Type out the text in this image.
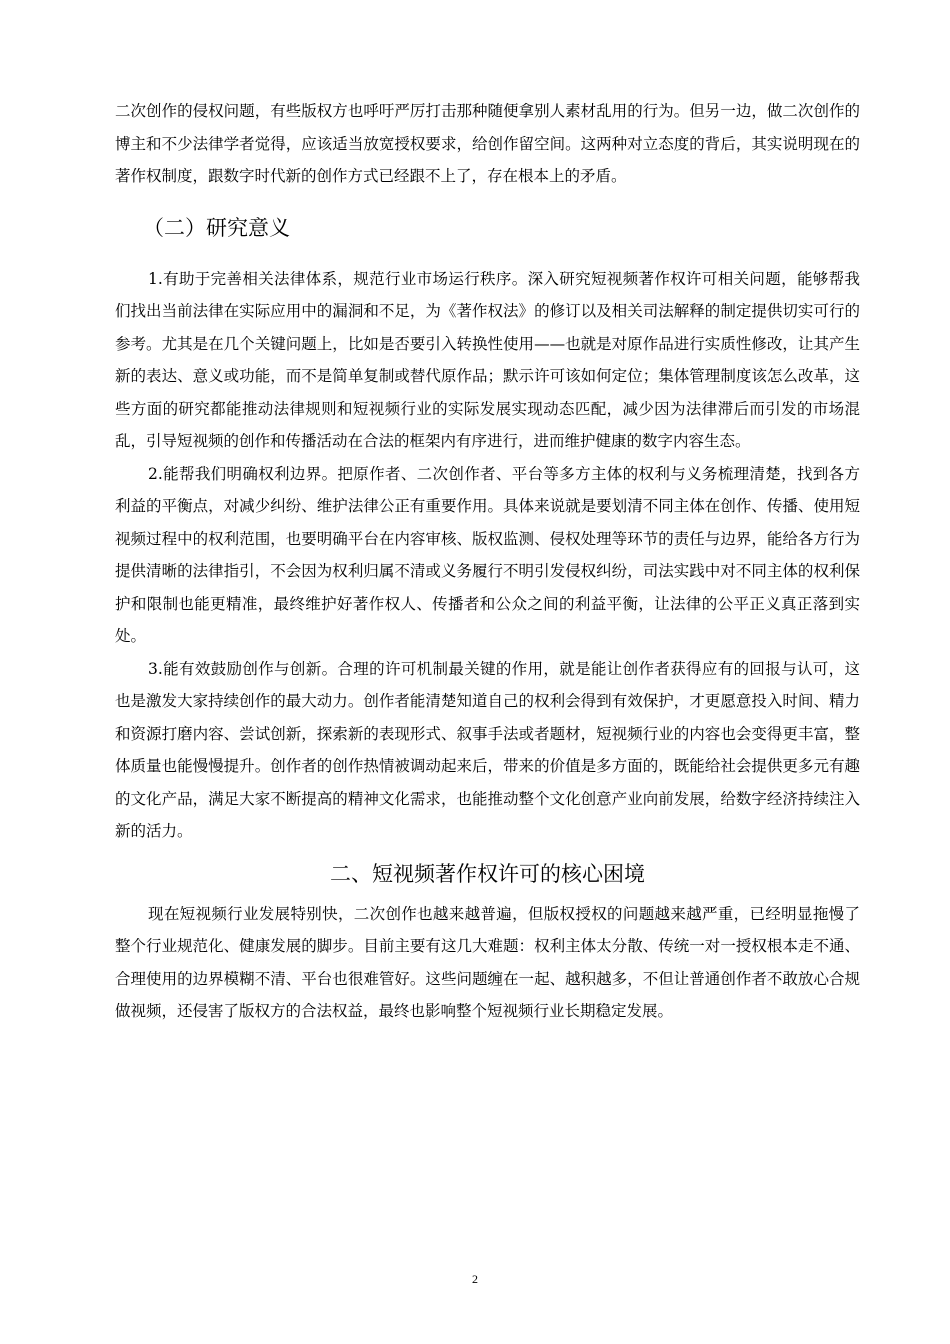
二次创作的侵权问题，有些版权方也呼吁严厉打击那种随便拿别人素材乱用的行为。但另一边，做二次创作的博主和不少法律学者觉得，应该适当放宽授权要求，给创作留空间。这两种对立态度的背后，其实说明现在的著作权制度，跟数字时代新的创作方式已经跟不上了，存在根本上的矛盾。

（二）研究意义

1.有助于完善相关法律体系，规范行业市场运行秩序。深入研究短视频著作权许可相关问题，能够帮我们找出当前法律在实际应用中的漏洞和不足，为《著作权法》的修订以及相关司法解释的制定提供切实可行的参考。尤其是在几个关键问题上，比如是否要引入转换性使用——也就是对原作品进行实质性修改，让其产生新的表达、意义或功能，而不是简单复制或替代原作品；默示许可该如何定位；集体管理制度该怎么改革，这些方面的研究都能推动法律规则和短视频行业的实际发展实现动态匹配，减少因为法律滞后而引发的市场混乱，引导短视频的创作和传播活动在合法的框架内有序进行，进而维护健康的数字内容生态。

2.能帮我们明确权利边界。把原作者、二次创作者、平台等多方主体的权利与义务梳理清楚，找到各方利益的平衡点，对减少纠纷、维护法律公正有重要作用。具体来说就是要划清不同主体在创作、传播、使用短视频过程中的权利范围，也要明确平台在内容审核、版权监测、侵权处理等环节的责任与边界，能给各方行为提供清晰的法律指引，不会因为权利归属不清或义务履行不明引发侵权纠纷，司法实践中对不同主体的权利保护和限制也能更精准，最终维护好著作权人、传播者和公众之间的利益平衡，让法律的公平正义真正落到实处。

3.能有效鼓励创作与创新。合理的许可机制最关键的作用，就是能让创作者获得应有的回报与认可，这也是激发大家持续创作的最大动力。创作者能清楚知道自己的权利会得到有效保护，才更愿意投入时间、精力和资源打磨内容、尝试创新，探索新的表现形式、叙事手法或者题材，短视频行业的内容也会变得更丰富，整体质量也能慢慢提升。创作者的创作热情被调动起来后，带来的价值是多方面的，既能给社会提供更多元有趣的文化产品，满足大家不断提高的精神文化需求，也能推动整个文化创意产业向前发展，给数字经济持续注入新的活力。

二、短视频著作权许可的核心困境

现在短视频行业发展特别快，二次创作也越来越普遍，但版权授权的问题越来越严重，已经明显拖慢了整个行业规范化、健康发展的脚步。目前主要有这几大难题：权利主体太分散、传统一对一授权根本走不通、合理使用的边界模糊不清、平台也很难管好。这些问题缠在一起、越积越多，不但让普通创作者不敢放心合规做视频，还侵害了版权方的合法权益，最终也影响整个短视频行业长期稳定发展。

2
